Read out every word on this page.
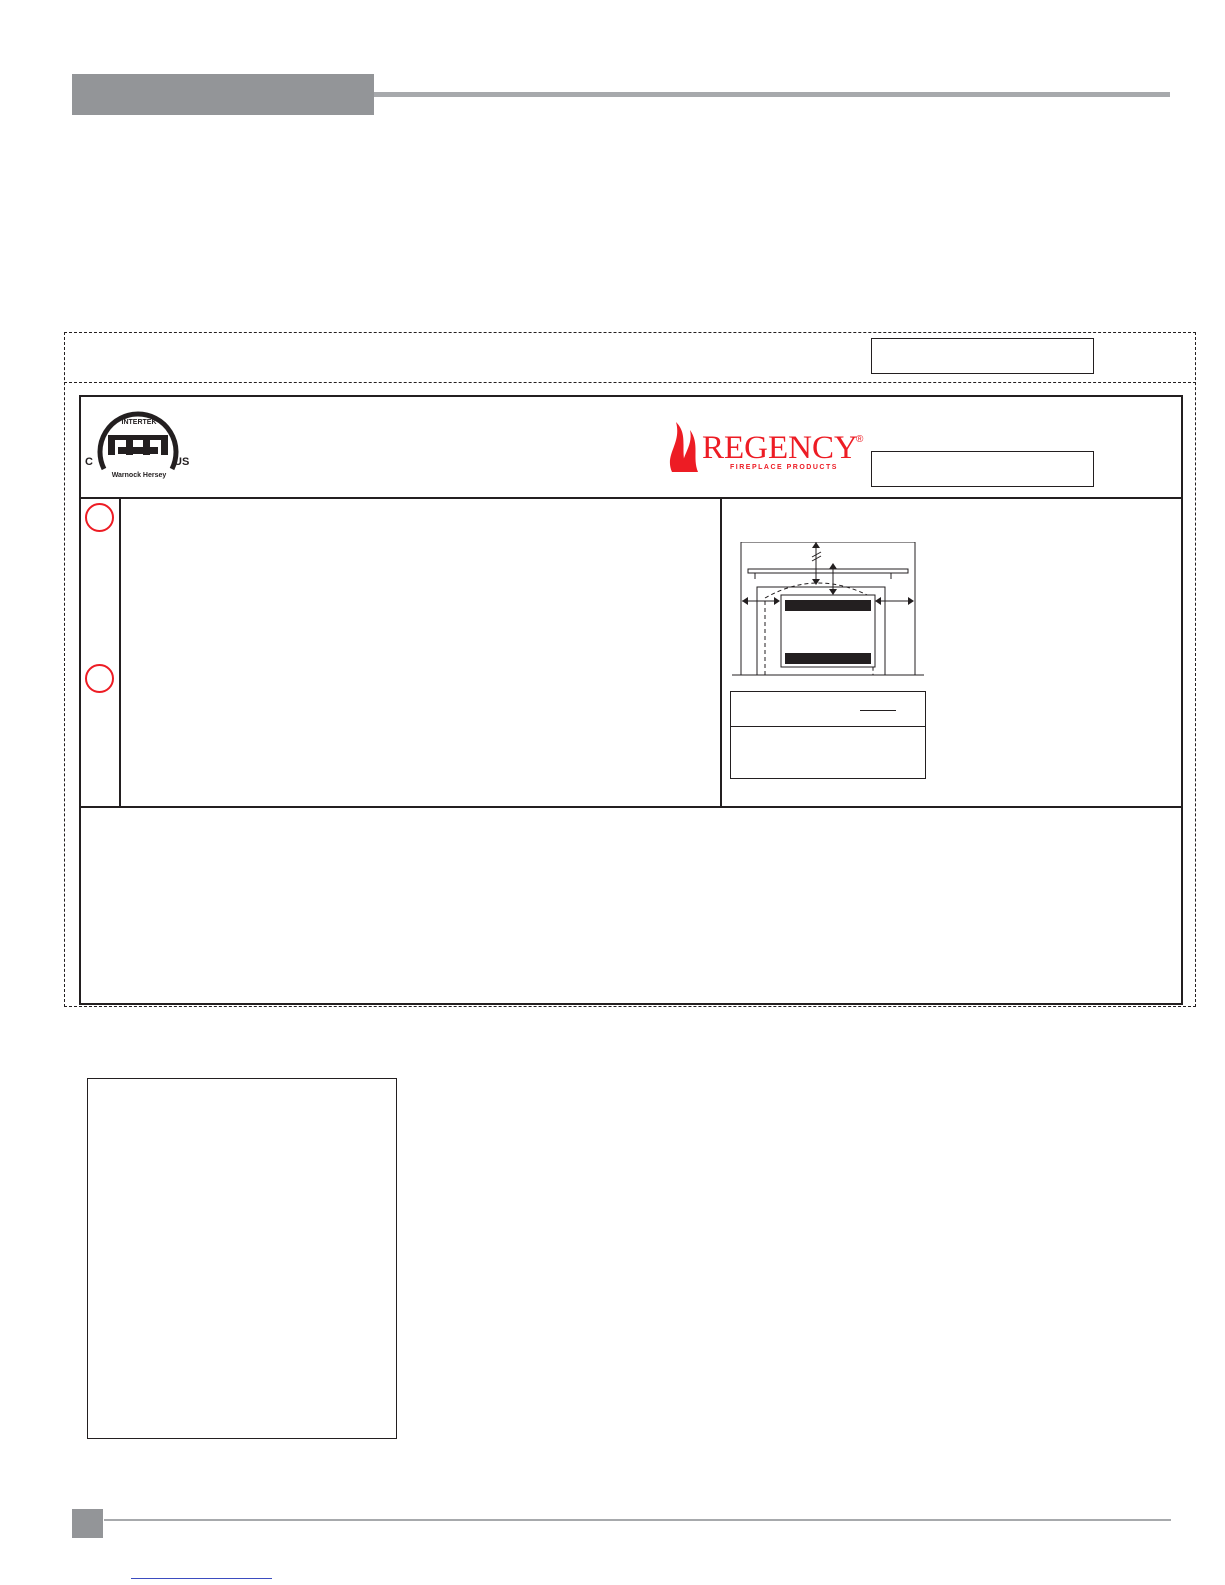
INTERTEK
Warnock Hersey
C	US	REGENCY
®
FIREPLACE PRODUCTS
